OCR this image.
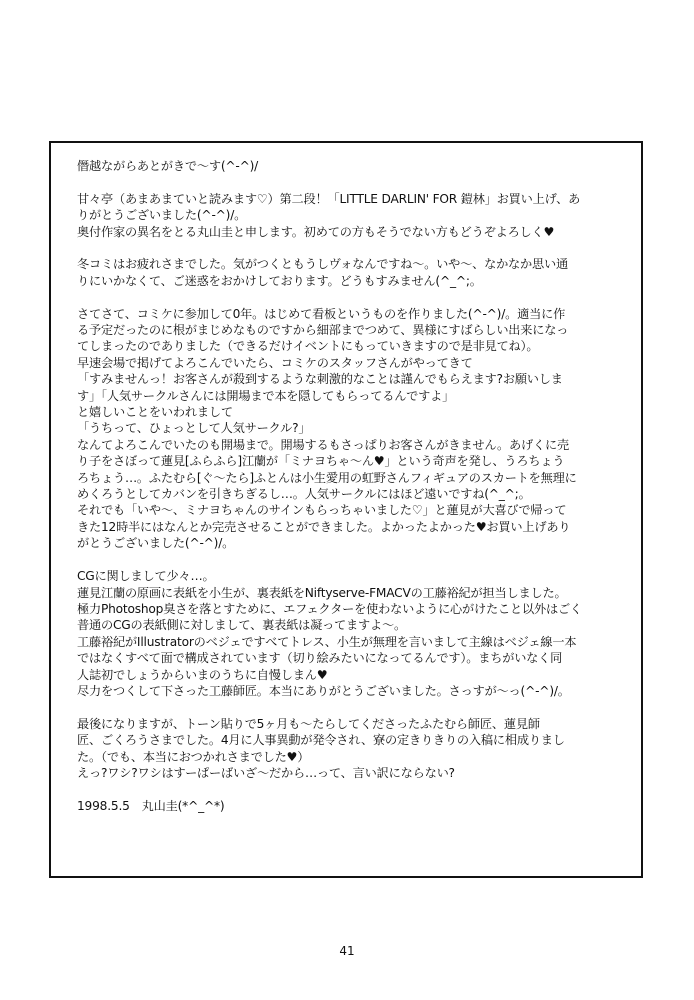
僭越ながらあとがきで〜す(^-^)/
甘々亭（あまあまていと読みます♡）第二段！「LITTLE DARLIN' FOR 鎧林」お買い上げ、あ
りがとうございました(^-^)/。
奥付作家の異名をとる丸山圭と申します。初めての方もそうでない方もどうぞよろしく♥
冬コミはお疲れさまでした。気がつくともうしヴォなんですね〜。いや〜、なかなか思い通
りにいかなくて、ご迷惑をおかけしております。どうもすみません(^_^;。
さてさて、コミケに参加して0年。はじめて看板というものを作りました(^-^)/。適当に作
る予定だったのに根がまじめなものですから細部までつめて、異様にすばらしい出来になっ
てしまったのでありました（できるだけイベントにもっていきますので是非見てね）。
早速会場で掲げてよろこんでいたら、コミケのスタッフさんがやってきて
「すみませんっ！お客さんが殺到するような刺激的なことは謹んでもらえます?お願いしま
す」「人気サークルさんには開場まで本を隠してもらってるんですよ」
と嬉しいことをいわれまして
「うちって、ひょっとして人気サークル?」
なんてよろこんでいたのも開場まで。開場するもさっぱりお客さんがきません。あげくに売
り子をさぼって蓮見[ふらふら]江蘭が「ミナヨちゃ〜ん♥」という奇声を発し、うろちょう
ろちょう…。ふたむら[ぐ〜たら]ふとんは小生愛用の虹野さんフィギュアのスカートを無理に
めくろうとしてカバンを引きちぎるし…。人気サークルにはほど遠いですね(^_^;。
それでも「いや〜、ミナヨちゃんのサインもらっちゃいました♡」と蓮見が大喜びで帰って
きた12時半にはなんとか完売させることができました。よかったよかった♥お買い上げあり
がとうございました(^-^)/。
CGに関しまして少々…。
蓮見江蘭の原画に表紙を小生が、裏表紙をNiftyserve-FMACVの工藤裕紀が担当しました。
極力Photoshop臭さを落とすために、エフェクターを使わないように心がけたこと以外はごく
普通のCGの表紙側に対しまして、裏表紙は凝ってますよ〜。
工藤裕紀がIllustratorのベジェですべてトレス、小生が無理を言いまして主線はベジェ線一本
ではなくすべて面で構成されています（切り絵みたいになってるんです）。まちがいなく同
人誌初でしょうからいまのうちに自慢しまん♥
尽力をつくして下さった工藤師匠。本当にありがとうございました。さっすが〜っ(^-^)/。
最後になりますが、トーン貼りで5ヶ月も〜たらしてくださったふたむら師匠、蓮見師
匠、ごくろうさまでした。4月に人事異動が発令され、寮の定きりきりの入稿に相成りまし
た。（でも、本当におつかれさまでした♥）
えっ?ワシ?ワシはすーぱーばいざ〜だから…って、言い訳にならない?
1998.5.5　丸山圭(*^_^*)
41
